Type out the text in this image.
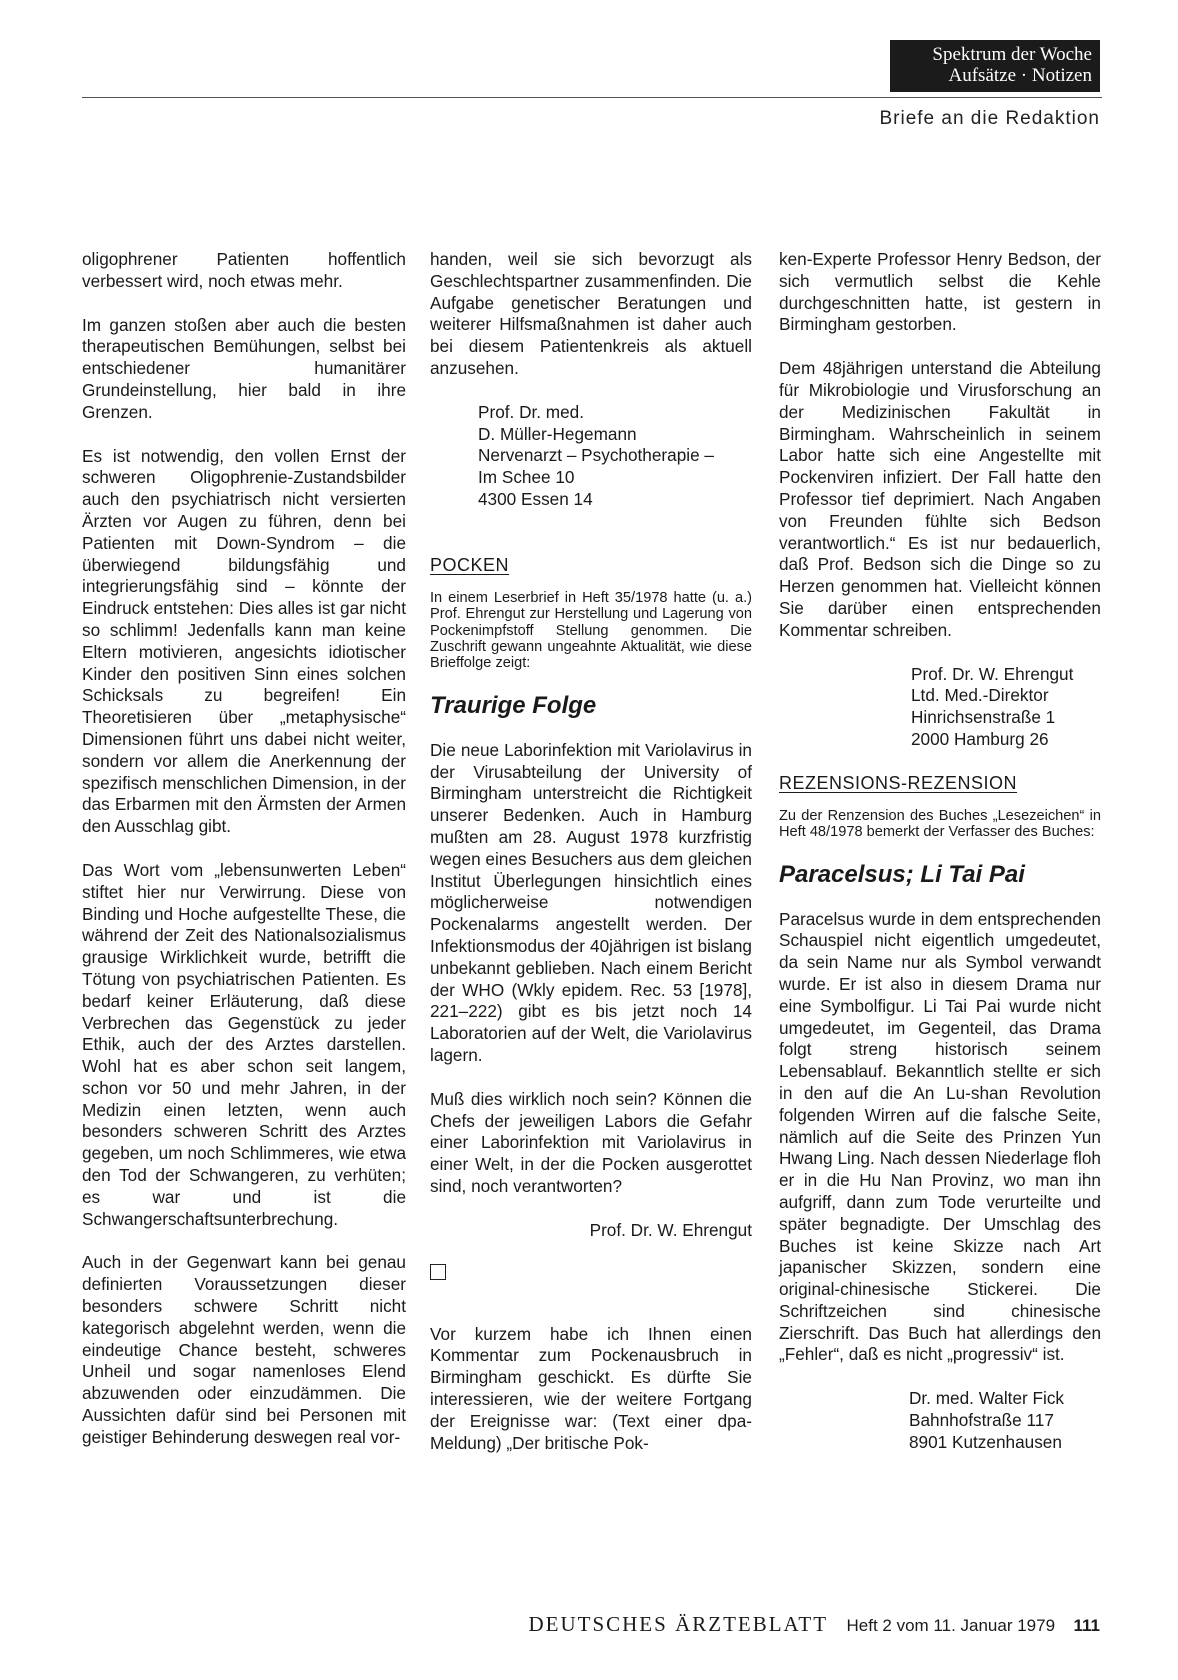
Spektrum der Woche
Aufsätze · Notizen
Briefe an die Redaktion

oligophrener Patienten hoffentlich verbessert wird, noch etwas mehr.

Im ganzen stoßen aber auch die besten therapeutischen Bemühungen, selbst bei entschiedener humanitärer Grundeinstellung, hier bald in ihre Grenzen.

Es ist notwendig, den vollen Ernst der schweren Oligophrenie-Zustandsbilder auch den psychiatrisch nicht versierten Ärzten vor Augen zu führen, denn bei Patienten mit Down-Syndrom – die überwiegend bildungsfähig und integrierungsfähig sind – könnte der Eindruck entstehen: Dies alles ist gar nicht so schlimm! Jedenfalls kann man keine Eltern motivieren, angesichts idiotischer Kinder den positiven Sinn eines solchen Schicksals zu begreifen! Ein Theoretisieren über „metaphysische“ Dimensionen führt uns dabei nicht weiter, sondern vor allem die Anerkennung der spezifisch menschlichen Dimension, in der das Erbarmen mit den Ärmsten der Armen den Ausschlag gibt.

Das Wort vom „lebensunwerten Leben“ stiftet hier nur Verwirrung. Diese von Binding und Hoche aufgestellte These, die während der Zeit des Nationalsozialismus grausige Wirklichkeit wurde, betrifft die Tötung von psychiatrischen Patienten. Es bedarf keiner Erläuterung, daß diese Verbrechen das Gegenstück zu jeder Ethik, auch der des Arztes darstellen. Wohl hat es aber schon seit langem, schon vor 50 und mehr Jahren, in der Medizin einen letzten, wenn auch besonders schweren Schritt des Arztes gegeben, um noch Schlimmeres, wie etwa den Tod der Schwangeren, zu verhüten; es war und ist die Schwangerschaftsunterbrechung.

Auch in der Gegenwart kann bei genau definierten Voraussetzungen dieser besonders schwere Schritt nicht kategorisch abgelehnt werden, wenn die eindeutige Chance besteht, schweres Unheil und sogar namenloses Elend abzuwenden oder einzudämmen. Die Aussichten dafür sind bei Personen mit geistiger Behinderung deswegen real vor-

handen, weil sie sich bevorzugt als Geschlechtspartner zusammenfinden. Die Aufgabe genetischer Beratungen und weiterer Hilfsmaßnahmen ist daher auch bei diesem Patientenkreis als aktuell anzusehen.

Prof. Dr. med.
D. Müller-Hegemann
Nervenarzt – Psychotherapie –
Im Schee 10
4300 Essen 14
POCKEN

In einem Leserbrief in Heft 35/1978 hatte (u. a.) Prof. Ehrengut zur Herstellung und Lagerung von Pockenimpfstoff Stellung genommen. Die Zuschrift gewann ungeahnte Aktualität, wie diese Brieffolge zeigt:

Traurige Folge

Die neue Laborinfektion mit Variolavirus in der Virusabteilung der University of Birmingham unterstreicht die Richtigkeit unserer Bedenken. Auch in Hamburg mußten am 28. August 1978 kurzfristig wegen eines Besuchers aus dem gleichen Institut Überlegungen hinsichtlich eines möglicherweise notwendigen Pockenalarms angestellt werden. Der Infektionsmodus der 40jährigen ist bislang unbekannt geblieben. Nach einem Bericht der WHO (Wkly epidem. Rec. 53 [1978], 221–222) gibt es bis jetzt noch 14 Laboratorien auf der Welt, die Variolavirus lagern.

Muß dies wirklich noch sein? Können die Chefs der jeweiligen Labors die Gefahr einer Laborinfektion mit Variolavirus in einer Welt, in der die Pocken ausgerottet sind, noch verantworten?

Prof. Dr. W. Ehrengut

Vor kurzem habe ich Ihnen einen Kommentar zum Pockenausbruch in Birmingham geschickt. Es dürfte Sie interessieren, wie der weitere Fortgang der Ereignisse war: (Text einer dpa-Meldung) „Der britische Pok-

ken-Experte Professor Henry Bedson, der sich vermutlich selbst die Kehle durchgeschnitten hatte, ist gestern in Birmingham gestorben.

Dem 48jährigen unterstand die Abteilung für Mikrobiologie und Virusforschung an der Medizinischen Fakultät in Birmingham. Wahrscheinlich in seinem Labor hatte sich eine Angestellte mit Pockenviren infiziert. Der Fall hatte den Professor tief deprimiert. Nach Angaben von Freunden fühlte sich Bedson verantwortlich.“ Es ist nur bedauerlich, daß Prof. Bedson sich die Dinge so zu Herzen genommen hat. Vielleicht können Sie darüber einen entsprechenden Kommentar schreiben.

Prof. Dr. W. Ehrengut
Ltd. Med.-Direktor
Hinrichsenstraße 1
2000 Hamburg 26
REZENSIONS-REZENSION

Zu der Renzension des Buches „Lesezeichen“ in Heft 48/1978 bemerkt der Verfasser des Buches:

Paracelsus; Li Tai Pai

Paracelsus wurde in dem entsprechenden Schauspiel nicht eigentlich umgedeutet, da sein Name nur als Symbol verwandt wurde. Er ist also in diesem Drama nur eine Symbolfigur. Li Tai Pai wurde nicht umgedeutet, im Gegenteil, das Drama folgt streng historisch seinem Lebensablauf. Bekanntlich stellte er sich in den auf die An Lu-shan Revolution folgenden Wirren auf die falsche Seite, nämlich auf die Seite des Prinzen Yun Hwang Ling. Nach dessen Niederlage floh er in die Hu Nan Provinz, wo man ihn aufgriff, dann zum Tode verurteilte und später begnadigte. Der Umschlag des Buches ist keine Skizze nach Art japanischer Skizzen, sondern eine original-chinesische Stickerei. Die Schriftzeichen sind chinesische Zierschrift. Das Buch hat allerdings den „Fehler“, daß es nicht „progressiv“ ist.

Dr. med. Walter Fick
Bahnhofstraße 117
8901 Kutzenhausen
DEUTSCHES ÄRZTEBLATT Heft 2 vom 11. Januar 1979 111
